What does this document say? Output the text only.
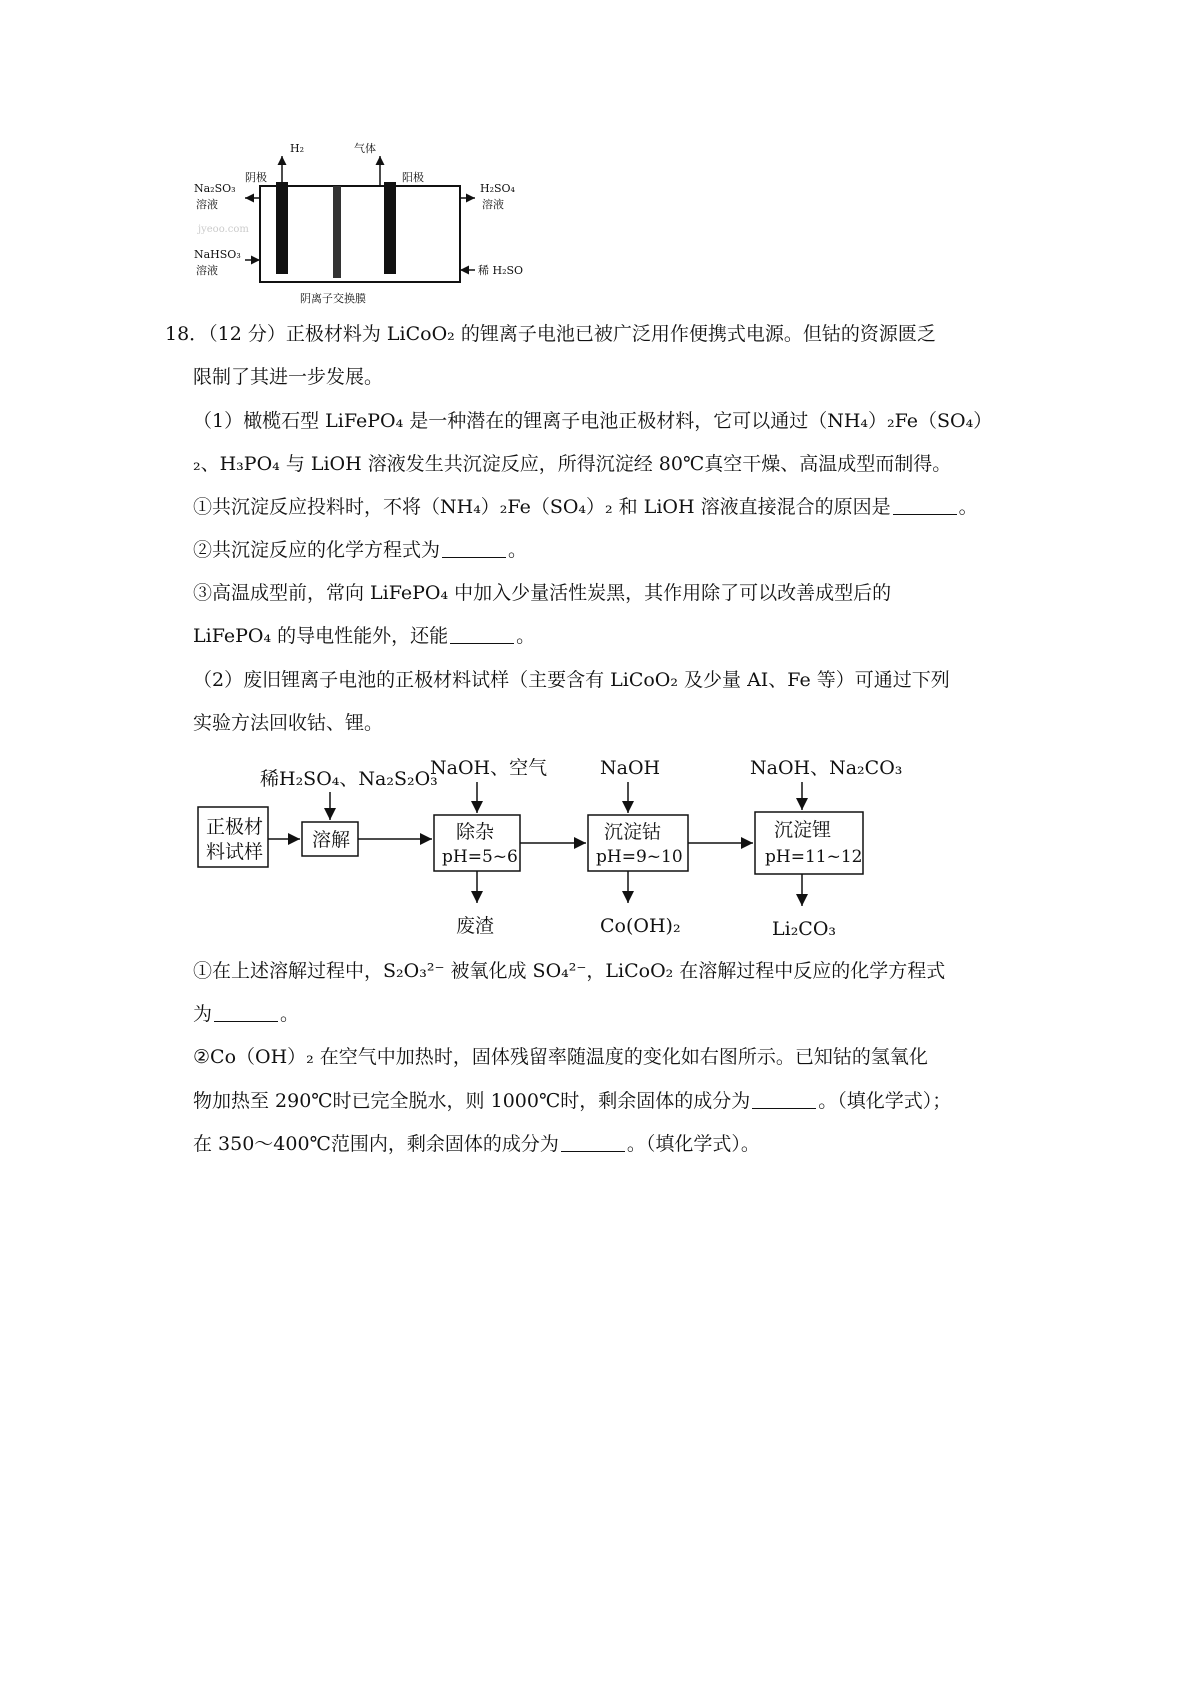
H₂	气体
阴极	阳极
Na₂SO₃
溶液
NaHSO₃
溶液
H₂SO₄
溶液
稀 H₂SO
阴离子交换膜
jyeoo.com
18．（12 分）正极材料为 LiCoO₂ 的锂离子电池已被广泛用作便携式电源。但钴的资源匮乏
限制了其进一步发展。
（1）橄榄石型 LiFePO₄ 是一种潜在的锂离子电池正极材料，它可以通过（NH₄）₂Fe（SO₄）
₂、H₃PO₄ 与 LiOH 溶液发生共沉淀反应，所得沉淀经 80℃真空干燥、高温成型而制得。
①共沉淀反应投料时，不将（NH₄）₂Fe（SO₄）₂ 和 LiOH 溶液直接混合的原因是	。
②共沉淀反应的化学方程式为	。
③高温成型前，常向 LiFePO₄ 中加入少量活性炭黑，其作用除了可以改善成型后的
LiFePO₄ 的导电性能外，还能	。
（2）废旧锂离子电池的正极材料试样（主要含有 LiCoO₂ 及少量 AI、Fe 等）可通过下列
实验方法回收钴、锂。
稀H₂SO₄、Na₂S₂O₃
NaOH、空气	NaOH	NaOH、Na₂CO₃
正极材
料试样
溶解	除杂
pH=5~6
沉淀钴
pH=9~10
沉淀锂
pH=11~12
废渣	Co(OH)₂	Li₂CO₃
①在上述溶解过程中，S₂O₃²⁻ 被氧化成 SO₄²⁻，LiCoO₂ 在溶解过程中反应的化学方程式
为	。
②Co（OH）₂ 在空气中加热时，固体残留率随温度的变化如右图所示。已知钴的氢氧化
物加热至 290℃时已完全脱水，则 1000℃时，剩余固体的成分为	。（填化学式）；
在 350～400℃范围内，剩余固体的成分为	。（填化学式）。
